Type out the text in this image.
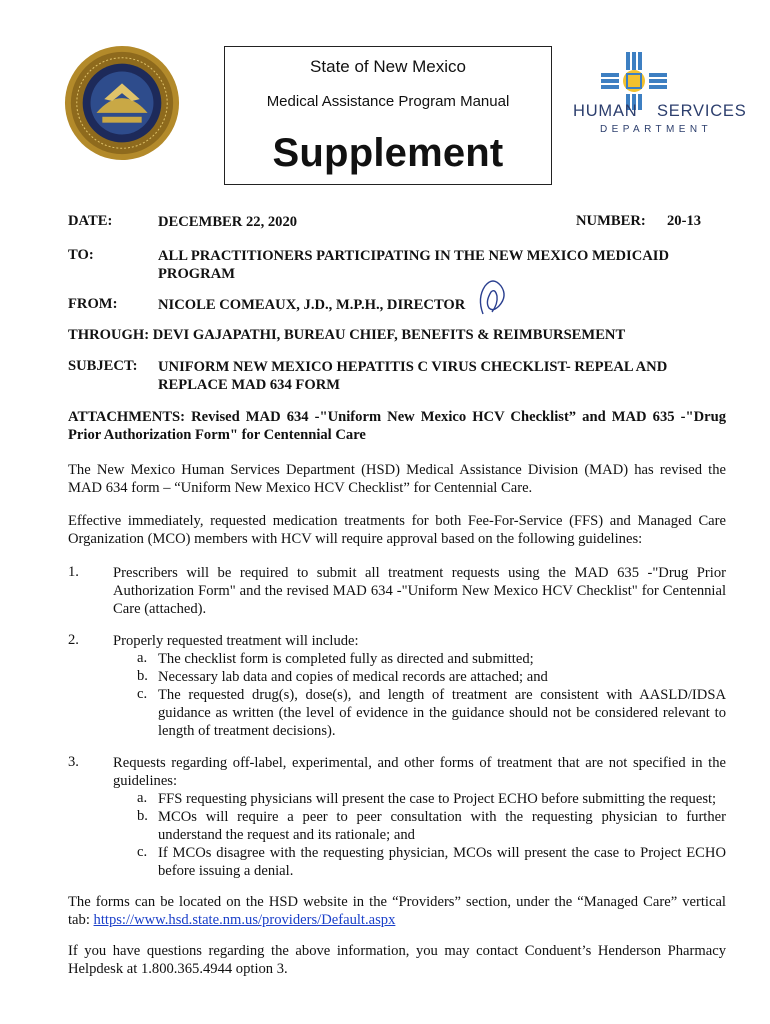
State of New Mexico
Medical Assistance Program Manual
Supplement
HUMAN SERVICES
DEPARTMENT
DATE:	DECEMBER 22, 2020	NUMBER: 20-13
TO:	ALL PRACTITIONERS PARTICIPATING IN THE NEW MEXICO MEDICAID PROGRAM
FROM:	NICOLE COMEAUX, J.D., M.P.H., DIRECTOR
THROUGH: DEVI GAJAPATHI, BUREAU CHIEF, BENEFITS & REIMBURSEMENT
SUBJECT: UNIFORM NEW MEXICO HEPATITIS C VIRUS CHECKLIST- REPEAL AND REPLACE MAD 634 FORM
ATTACHMENTS: Revised MAD 634 -"Uniform New Mexico HCV Checklist” and MAD 635 -"Drug Prior Authorization Form" for Centennial Care
The New Mexico Human Services Department (HSD) Medical Assistance Division (MAD) has revised the MAD 634 form – “Uniform New Mexico HCV Checklist” for Centennial Care.
Effective immediately, requested medication treatments for both Fee-For-Service (FFS) and Managed Care Organization (MCO) members with HCV will require approval based on the following guidelines:
1. Prescribers will be required to submit all treatment requests using the MAD 635 -"Drug Prior Authorization Form" and the revised MAD 634 -"Uniform New Mexico HCV Checklist" for Centennial Care (attached).
2. Properly requested treatment will include:
a. The checklist form is completed fully as directed and submitted;
b. Necessary lab data and copies of medical records are attached; and
c. The requested drug(s), dose(s), and length of treatment are consistent with AASLD/IDSA guidance as written (the level of evidence in the guidance should not be considered relevant to length of treatment decisions).
3. Requests regarding off-label, experimental, and other forms of treatment that are not specified in the guidelines:
a. FFS requesting physicians will present the case to Project ECHO before submitting the request;
b. MCOs will require a peer to peer consultation with the requesting physician to further understand the request and its rationale; and
c. If MCOs disagree with the requesting physician, MCOs will present the case to Project ECHO before issuing a denial.
The forms can be located on the HSD website in the “Providers” section, under the “Managed Care” vertical tab: https://www.hsd.state.nm.us/providers/Default.aspx
If you have questions regarding the above information, you may contact Conduent’s Henderson Pharmacy Helpdesk at 1.800.365.4944 option 3.
